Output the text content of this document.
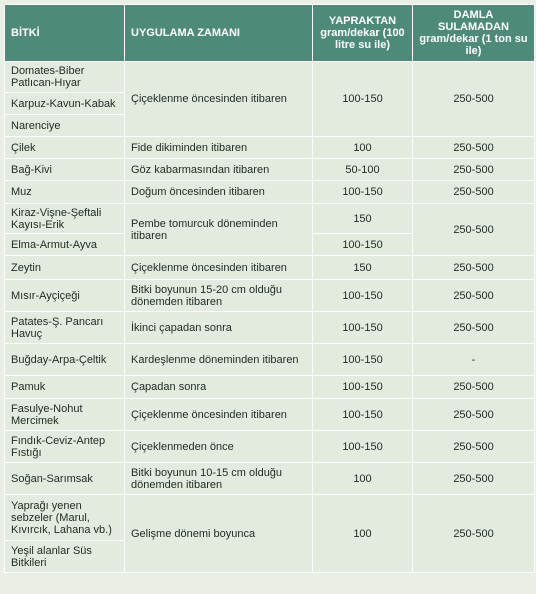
BİTKİ	UYGULAMA ZAMANI	YAPRAKTAN gram/dekar (100 litre su ile)	DAMLA SULAMADAN gram/dekar (1 ton su ile)
Domates-Biber Patlıcan-Hıyar	Çiçeklenme öncesinden itibaren	100-150	250-500
Karpuz-Kavun-Kabak			
Narenciye			
Çilek	Fide dikiminden itibaren	100	250-500
Bağ-Kivi	Göz kabarmasından itibaren	50-100	250-500
Muz	Doğum öncesinden itibaren	100-150	250-500
Kiraz-Vişne-Şeftali Kayısı-Erik	Pembe tomurcuk döneminden itibaren	150	250-500
Elma-Armut-Ayva		100-150	
Zeytin	Çiçeklenme öncesinden itibaren	150	250-500
Mısır-Ayçiçeği	Bitki boyunun 15-20 cm olduğu dönemden itibaren	100-150	250-500
Patates-Ş. Pancarı Havuç	İkinci çapadan sonra	100-150	250-500
Buğday-Arpa-Çeltik	Kardeşlenme döneminden itibaren	100-150	-
Pamuk	Çapadan sonra	100-150	250-500
Fasulye-Nohut Mercimek	Çiçeklenme öncesinden itibaren	100-150	250-500
Fındık-Ceviz-Antep Fıstığı	Çiçeklenmeden önce	100-150	250-500
Soğan-Sarımsak	Bitki boyunun 10-15 cm olduğu dönemden itibaren	100	250-500
Yaprağı yenen sebzeler (Marul, Kıvırcık, Lahana vb.)	Gelişme dönemi boyunca	100	250-500
Yeşil alanlar Süs Bitkileri			
